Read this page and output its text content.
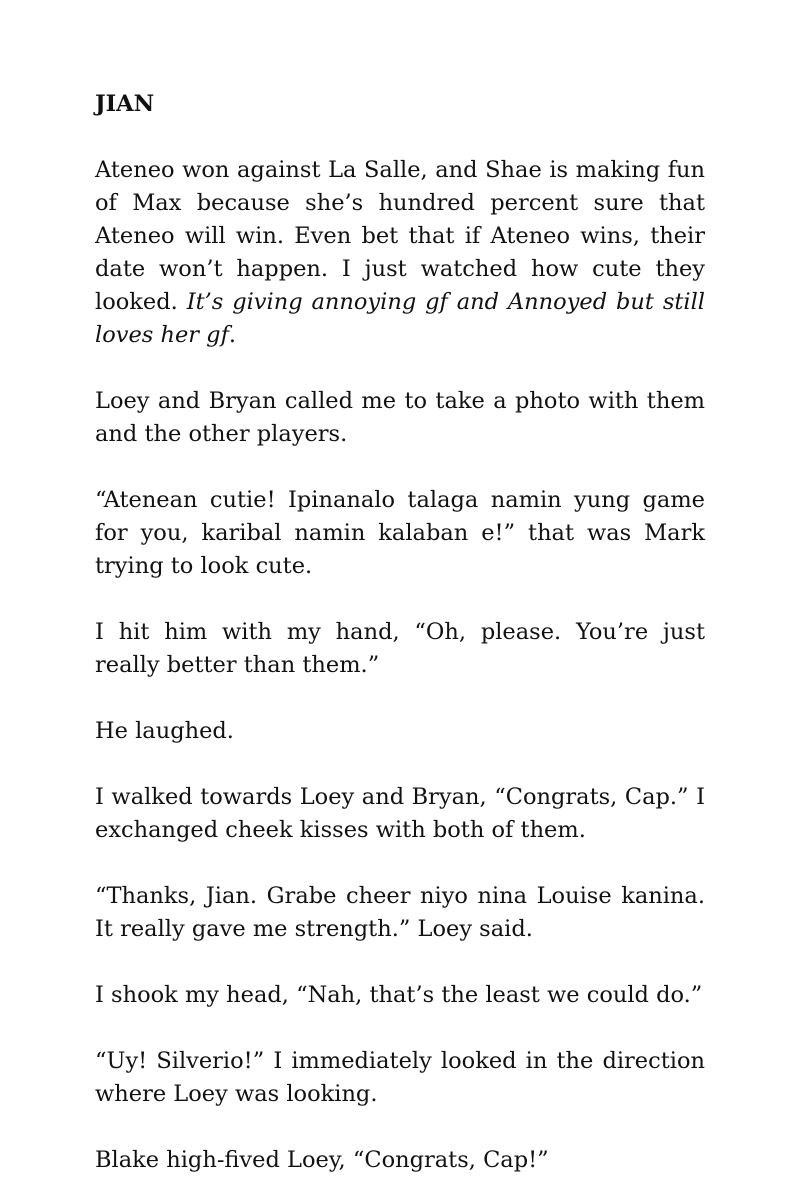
JIAN

Ateneo won against La Salle, and Shae is making fun of Max because she’s hundred percent sure that Ateneo will win. Even bet that if Ateneo wins, their date won’t happen. I just watched how cute they looked. It’s giving annoying gf and Annoyed but still loves her gf.

Loey and Bryan called me to take a photo with them and the other players.

“Atenean cutie! Ipinanalo talaga namin yung game for you, karibal namin kalaban e!” that was Mark trying to look cute.

I hit him with my hand, “Oh, please. You’re just really better than them.”

He laughed.

I walked towards Loey and Bryan, “Congrats, Cap.” I exchanged cheek kisses with both of them.

“Thanks, Jian. Grabe cheer niyo nina Louise kanina. It really gave me strength.” Loey said.

I shook my head, “Nah, that’s the least we could do.”

“Uy! Silverio!” I immediately looked in the direction where Loey was looking.

Blake high-fived Loey, “Congrats, Cap!”
